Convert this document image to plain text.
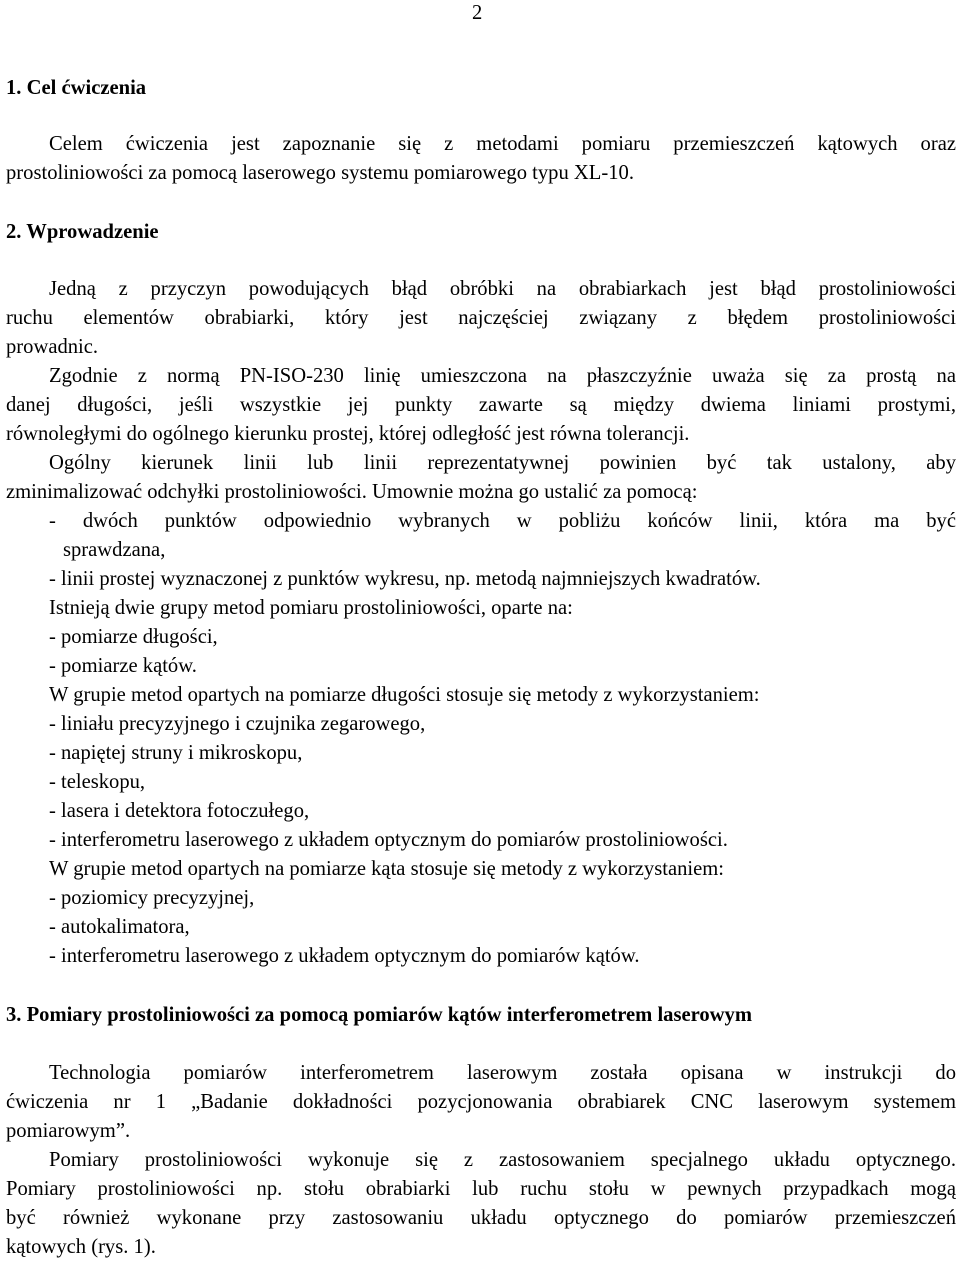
2
1. Cel ćwiczenia
Celem ćwiczenia jest zapoznanie się z metodami pomiaru przemieszczeń kątowych oraz
prostoliniowości za pomocą laserowego systemu pomiarowego typu XL-10.
2. Wprowadzenie
Jedną z przyczyn powodujących błąd obróbki na obrabiarkach jest błąd prostoliniowości
ruchu elementów obrabiarki, który jest najczęściej związany z błędem prostoliniowości
prowadnic.
Zgodnie z normą PN-ISO-230 linię umieszczona na płaszczyźnie uważa się za prostą na
danej długości, jeśli wszystkie jej punkty zawarte są między dwiema liniami prostymi,
równoległymi do ogólnego kierunku prostej, której odległość jest równa tolerancji.
Ogólny kierunek linii lub linii reprezentatywnej powinien być tak ustalony, aby
zminimalizować odchyłki prostoliniowości. Umownie można go ustalić za pomocą:
- dwóch punktów odpowiednio wybranych w pobliżu końców linii, która ma być
sprawdzana,
- linii prostej wyznaczonej z punktów wykresu, np. metodą najmniejszych kwadratów.
Istnieją dwie grupy metod pomiaru prostoliniowości, oparte na:
- pomiarze długości,
- pomiarze kątów.
W grupie metod opartych na pomiarze długości stosuje się metody z wykorzystaniem:
- liniału precyzyjnego i czujnika zegarowego,
- napiętej struny i mikroskopu,
- teleskopu,
- lasera i detektora fotoczułego,
- interferometru laserowego z układem optycznym do pomiarów prostoliniowości.
W grupie metod opartych na pomiarze kąta stosuje się metody z wykorzystaniem:
- poziomicy precyzyjnej,
- autokalimatora,
- interferometru laserowego z układem optycznym do pomiarów kątów.
3. Pomiary prostoliniowości za pomocą pomiarów kątów interferometrem laserowym
Technologia pomiarów interferometrem laserowym została opisana w instrukcji do
ćwiczenia nr 1 „Badanie dokładności pozycjonowania obrabiarek CNC laserowym systemem
pomiarowym”.
Pomiary prostoliniowości wykonuje się z zastosowaniem specjalnego układu optycznego.
Pomiary prostoliniowości np. stołu obrabiarki lub ruchu stołu w pewnych przypadkach mogą
być również wykonane przy zastosowaniu układu optycznego do pomiarów przemieszczeń
kątowych (rys. 1).
